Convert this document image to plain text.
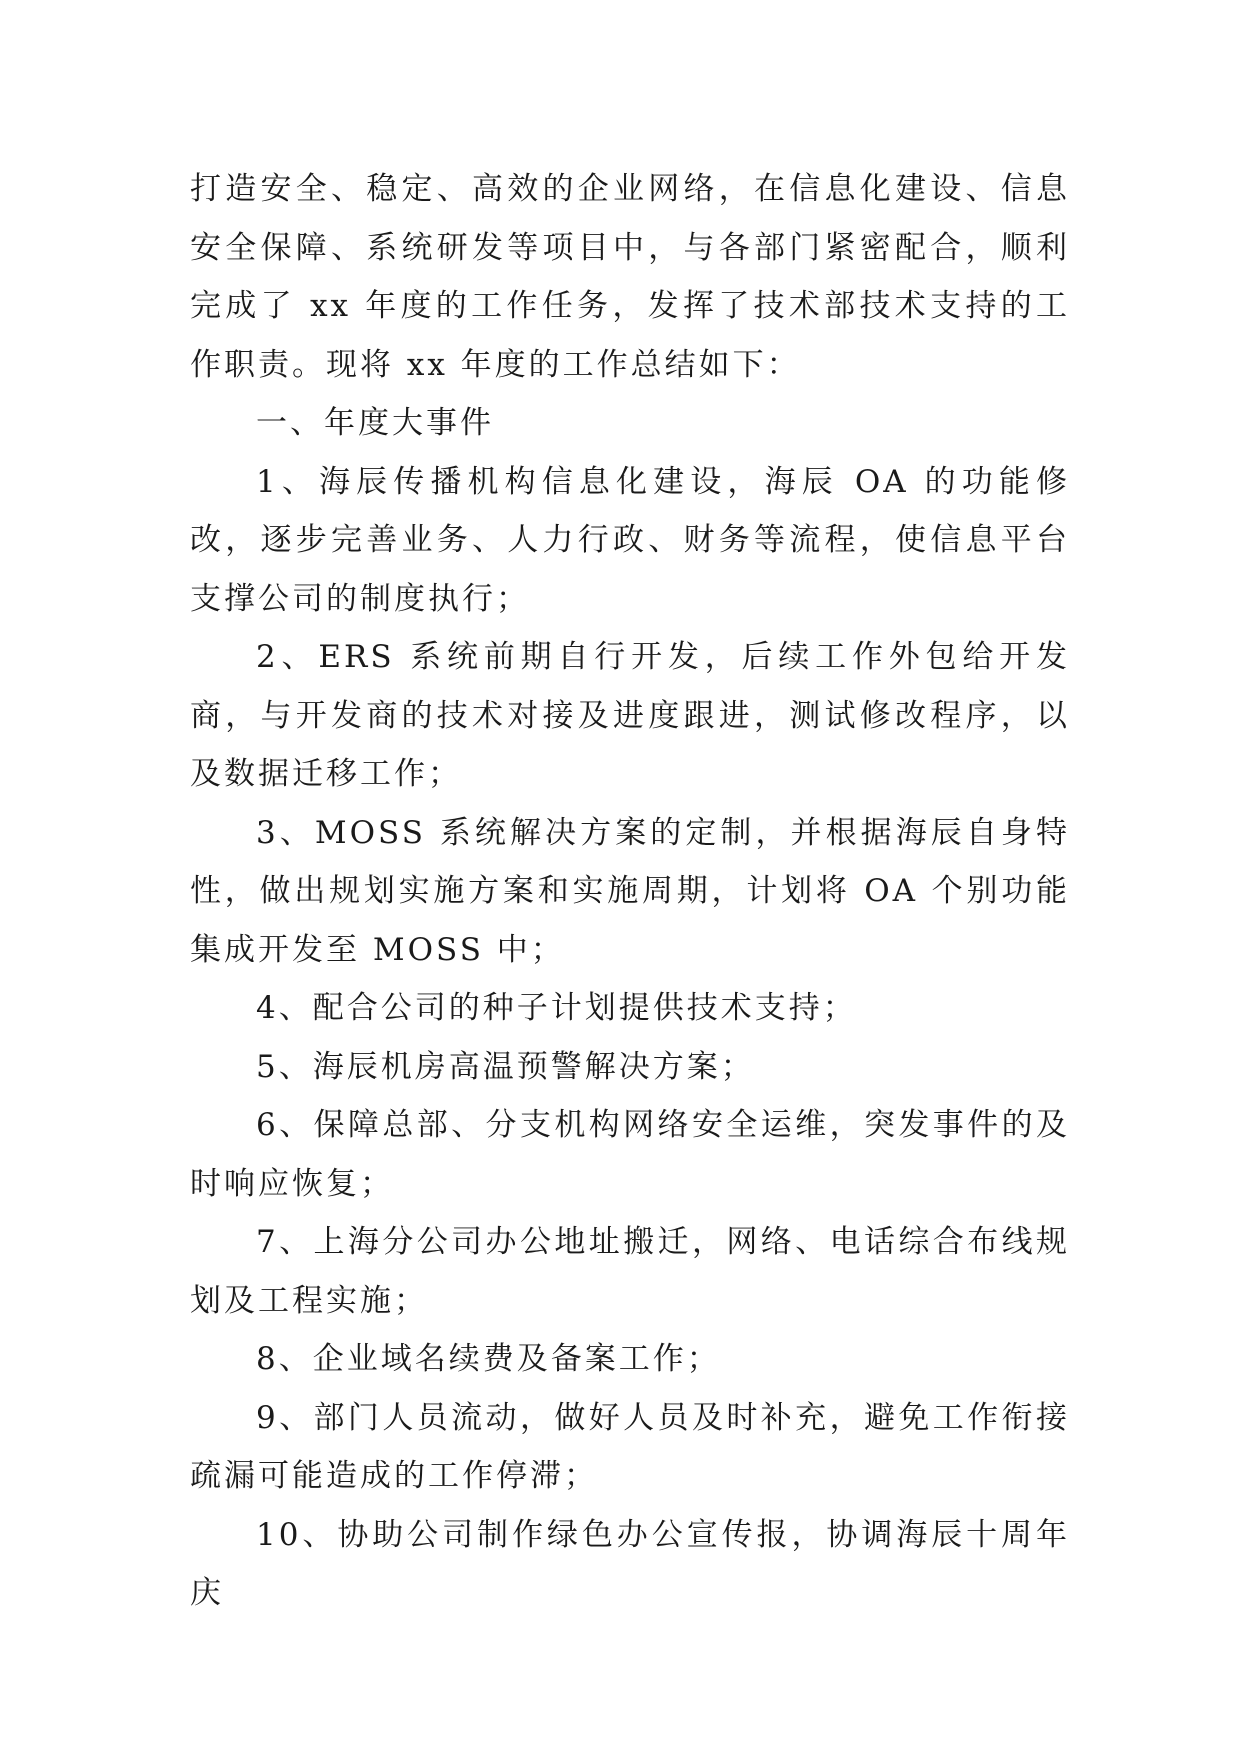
打造安全、稳定、高效的企业网络，在信息化建设、信息安全保障、系统研发等项目中，与各部门紧密配合，顺利完成了 xx 年度的工作任务，发挥了技术部技术支持的工作职责。现将 xx 年度的工作总结如下：

一、年度大事件

1、海辰传播机构信息化建设，海辰 OA 的功能修改，逐步完善业务、人力行政、财务等流程，使信息平台支撑公司的制度执行；

2、ERS 系统前期自行开发，后续工作外包给开发商，与开发商的技术对接及进度跟进，测试修改程序，以及数据迁移工作；

3、MOSS 系统解决方案的定制，并根据海辰自身特性，做出规划实施方案和实施周期，计划将 OA 个别功能集成开发至 MOSS 中；

4、配合公司的种子计划提供技术支持；

5、海辰机房高温预警解决方案；

6、保障总部、分支机构网络安全运维，突发事件的及时响应恢复；

7、上海分公司办公地址搬迁，网络、电话综合布线规划及工程实施；

8、企业域名续费及备案工作；

9、部门人员流动，做好人员及时补充，避免工作衔接疏漏可能造成的工作停滞；

10、协助公司制作绿色办公宣传报，协调海辰十周年庆
